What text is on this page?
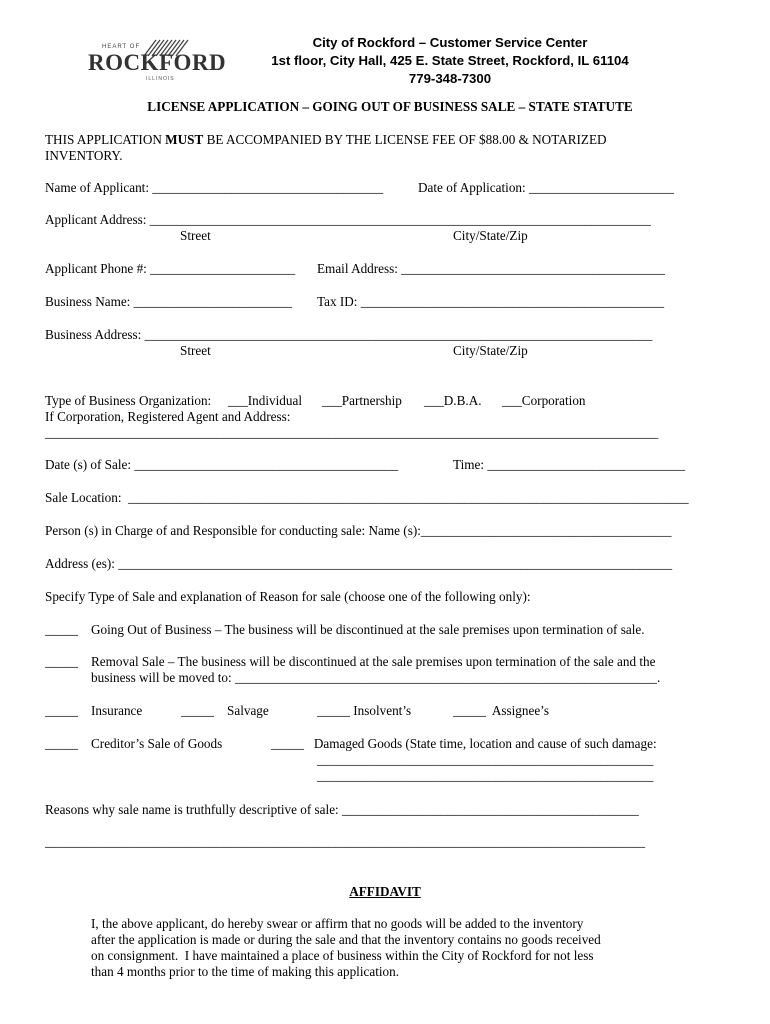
HEART OF
ROCKFORD
ILLINOIS
City of Rockford – Customer Service Center
1st floor, City Hall, 425 E. State Street, Rockford, IL 61104
779-348-7300
LICENSE APPLICATION – GOING OUT OF BUSINESS SALE – STATE STATUTE
THIS APPLICATION MUST BE ACCOMPANIED BY THE LICENSE FEE OF $88.00 & NOTARIZED
INVENTORY.
Name of Applicant: ___________________________________	Date of Application: ______________________
Applicant Address: ____________________________________________________________________________
Street	City/State/Zip
Applicant Phone #: ______________________ Email Address: ________________________________________
Business Name: ________________________ Tax ID: ______________________________________________
Business Address: _____________________________________________________________________________
Street	City/State/Zip
Type of Business Organization: ___Individual ___Partnership ___D.B.A. ___Corporation
If Corporation, Registered Agent and Address:
_____________________________________________________________________________________________
Date (s) of Sale: ________________________________________	Time: ______________________________
Sale Location:  _____________________________________________________________________________________
Person (s) in Charge of and Responsible for conducting sale: Name (s):______________________________________
Address (es): ____________________________________________________________________________________
Specify Type of Sale and explanation of Reason for sale (choose one of the following only):
_____ Going Out of Business – The business will be discontinued at the sale premises upon termination of sale.
_____ Removal Sale – The business will be discontinued at the sale premises upon termination of the sale and the
business will be moved to: ________________________________________________________________.
_____ Insurance	_____ Salvage	_____ Insolvent’s	_____  Assignee’s
_____ Creditor’s Sale of Goods	_____   Damaged Goods (State time, location and cause of such damage:
___________________________________________________
___________________________________________________
Reasons why sale name is truthfully descriptive of sale: _____________________________________________
___________________________________________________________________________________________
AFFIDAVIT
I, the above applicant, do hereby swear or affirm that no goods will be added to the inventory
after the application is made or during the sale and that the inventory contains no goods received
on consignment.  I have maintained a place of business within the City of Rockford for not less
than 4 months prior to the time of making this application.
